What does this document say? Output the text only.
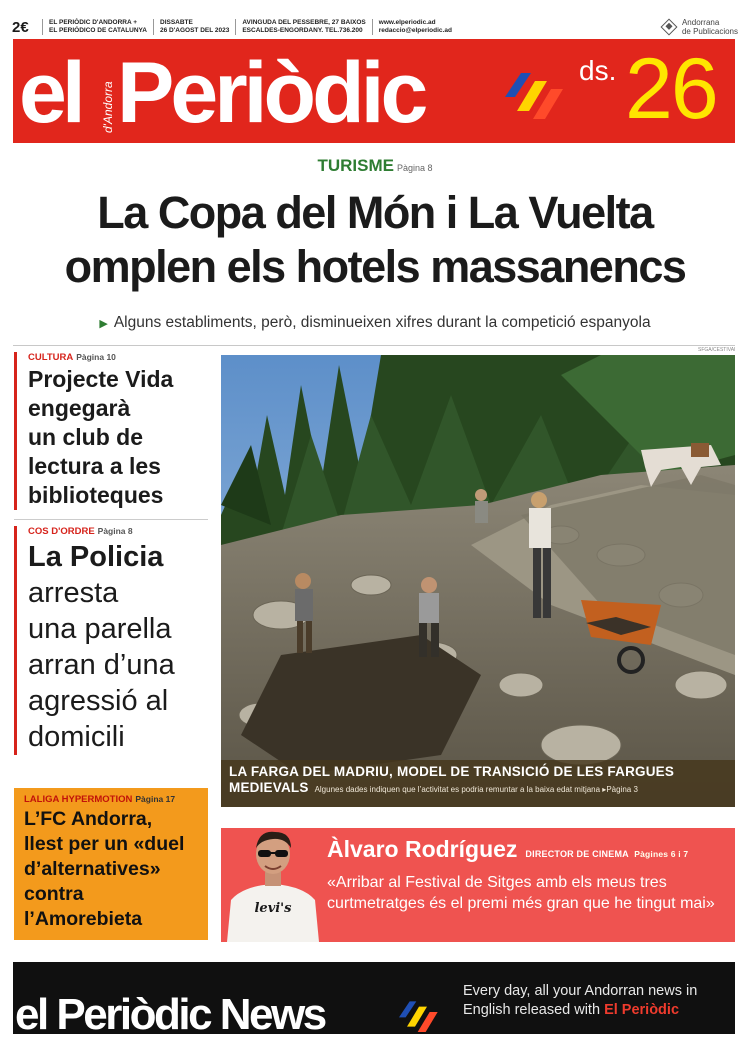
2€	EL PERIÒDIC D'ANDORRA +
EL PERIÓDICO DE CATALUNYA
DISSABTE
26 D'AGOST DEL 2023
AVINGUDA DEL PESSEBRE, 27 BAIXOS
ESCALDES-ENGORDANY. TEL.736.200
www.elperiodic.ad
redaccio@elperiodic.ad
Andorrana
de Publicacions
el d'Andorra Periòdic	ds. 26
TURISME Pàgina 8
La Copa del Món i La Vuelta
omplen els hotels massanencs
▶ Alguns establiments, però, disminueixen xifres durant la competició espanyola
CULTURA Pàgina 10
Projecte Vida
engegarà
un club de
lectura a les
biblioteques
COS D'ORDRE Pàgina 8
La Policia
arresta
una parella
arran d’una
agressió al
domicili
LALIGA HYPERMOTION Pàgina 17
L’FC Andorra,
llest per un «duel
d’alternatives»
contra
l’Amorebieta
SFGA/CESTIVAI
LA FARGA DEL MADRIU, MODEL DE TRANSICIÓ DE LES FARGUES
MEDIEVALS Algunes dades indiquen que l’activitat es podria remuntar a la baixa edat mitjana ▸Pàgina 3
levi's
Àlvaro Rodríguez DIRECTOR DE CINEMA Pàgines 6 i 7
«Arribar al Festival de Sitges amb els meus tres curtmetratges és el premi més gran que he tingut mai»
el Periòdic News	Every day, all your Andorran news in
English released with El Periòdic
